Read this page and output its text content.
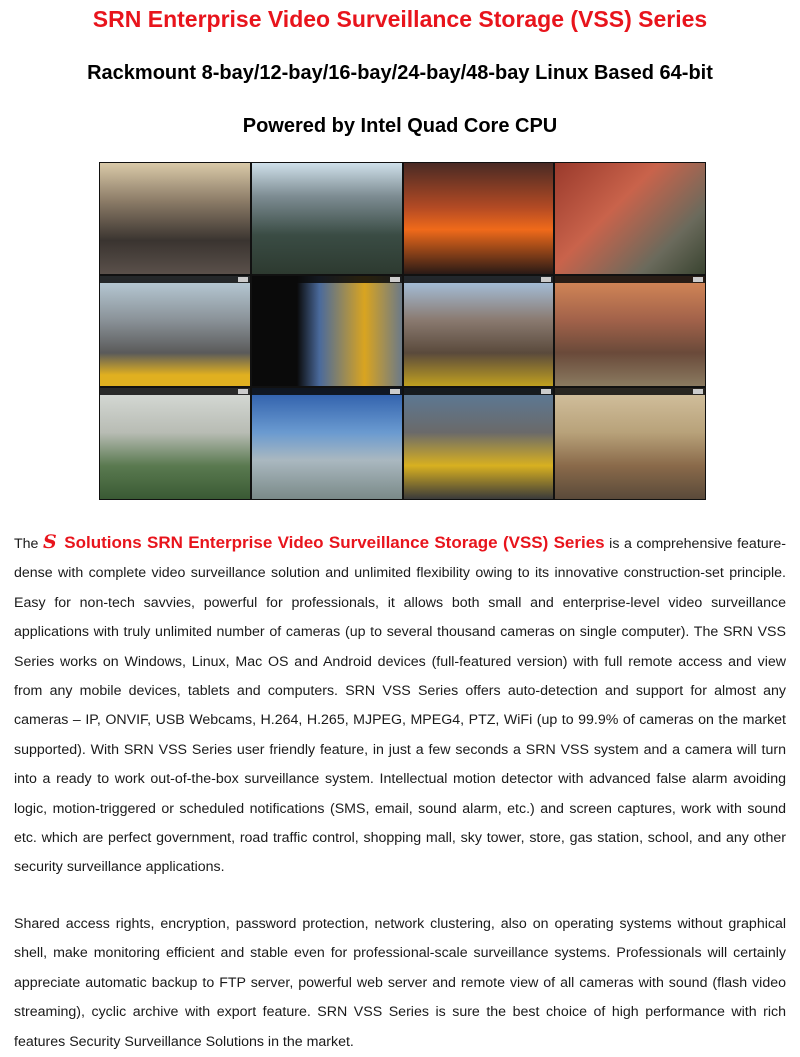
SRN Enterprise Video Surveillance Storage (VSS) Series
Rackmount 8-bay/12-bay/16-bay/24-bay/48-bay Linux Based 64-bit
Powered by Intel Quad Core CPU

The S Solutions SRN Enterprise Video Surveillance Storage (VSS) Series is a comprehensive feature-dense with complete video surveillance solution and unlimited flexibility owing to its innovative construction-set principle. Easy for non-tech savvies, powerful for professionals, it allows both small and enterprise-level video surveillance applications with truly unlimited number of cameras (up to several thousand cameras on single computer). The SRN VSS Series works on Windows, Linux, Mac OS and Android devices (full-featured version) with full remote access and view from any mobile devices, tablets and computers. SRN VSS Series offers auto-detection and support for almost any cameras – IP, ONVIF, USB Webcams, H.264, H.265, MJPEG, MPEG4, PTZ, WiFi (up to 99.9% of cameras on the market supported). With SRN VSS Series user friendly feature, in just a few seconds a SRN VSS system and a camera will turn into a ready to work out-of-the-box surveillance system. Intellectual motion detector with advanced false alarm avoiding logic, motion-triggered or scheduled notifications (SMS, email, sound alarm, etc.) and screen captures, work with sound etc. which are perfect government, road traffic control, shopping mall, sky tower, store, gas station, school, and any other security surveillance applications.

Shared access rights, encryption, password protection, network clustering, also on operating systems without graphical shell, make monitoring efficient and stable even for professional-scale surveillance systems. Professionals will certainly appreciate automatic backup to FTP server, powerful web server and remote view of all cameras with sound (flash video streaming), cyclic archive with export feature. SRN VSS Series is sure the best choice of high performance with rich features Security Surveillance Solutions in the market.
